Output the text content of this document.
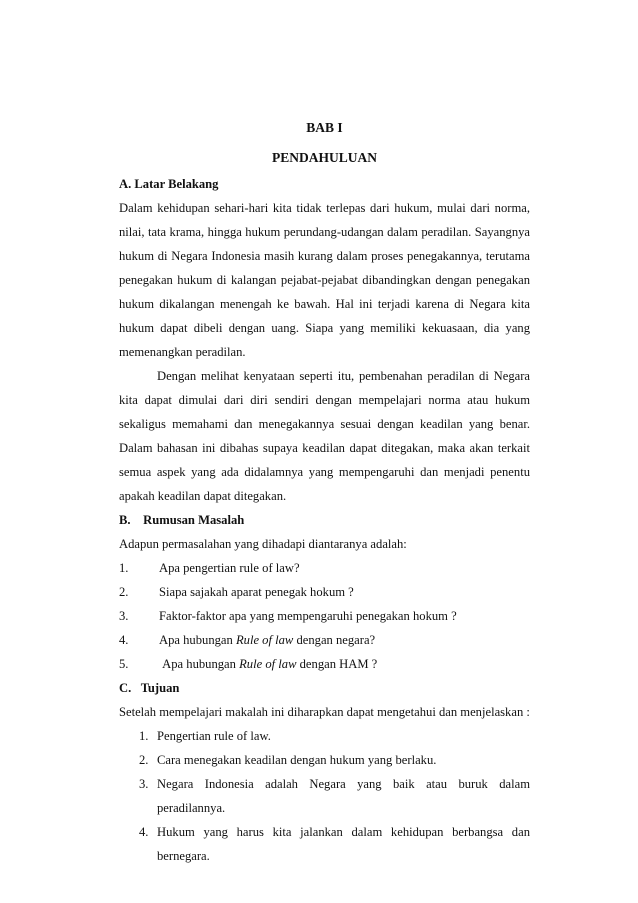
BAB I
PENDAHULUAN
A. Latar Belakang

Dalam kehidupan sehari-hari kita tidak terlepas dari hukum, mulai dari norma, nilai, tata krama, hingga hukum perundang-udangan dalam peradilan. Sayangnya hukum di Negara Indonesia masih kurang dalam proses penegakannya, terutama penegakan hukum di kalangan pejabat-pejabat dibandingkan dengan penegakan hukum dikalangan menengah ke bawah. Hal ini terjadi karena di Negara kita hukum dapat dibeli dengan uang. Siapa yang memiliki kekuasaan, dia yang memenangkan peradilan.

Dengan melihat kenyataan seperti itu, pembenahan peradilan di Negara kita dapat dimulai dari diri sendiri dengan mempelajari norma atau hukum sekaligus memahami dan menegakannya sesuai dengan keadilan yang benar. Dalam bahasan ini dibahas supaya keadilan dapat ditegakan, maka akan terkait semua aspek yang ada didalamnya yang mempengaruhi dan menjadi penentu apakah keadilan dapat ditegakan.

B.    Rumusan Masalah
Adapun permasalahan yang dihadapi diantaranya adalah:
1.	Apa pengertian rule of law?
2.	Siapa sajakah aparat penegak hokum ?
3.	Faktor-faktor apa yang mempengaruhi penegakan hokum ?
4.	Apa hubungan Rule of law dengan negara?
5.	Apa hubungan Rule of law dengan HAM ?
C.   Tujuan
Setelah mempelajari makalah ini diharapkan dapat mengetahui dan menjelaskan :
1. Pengertian rule of law.
2. Cara menegakan keadilan dengan hukum yang berlaku.
3. Negara Indonesia adalah Negara yang baik atau buruk dalam peradilannya.
4. Hukum yang harus kita jalankan dalam kehidupan berbangsa dan bernegara.
